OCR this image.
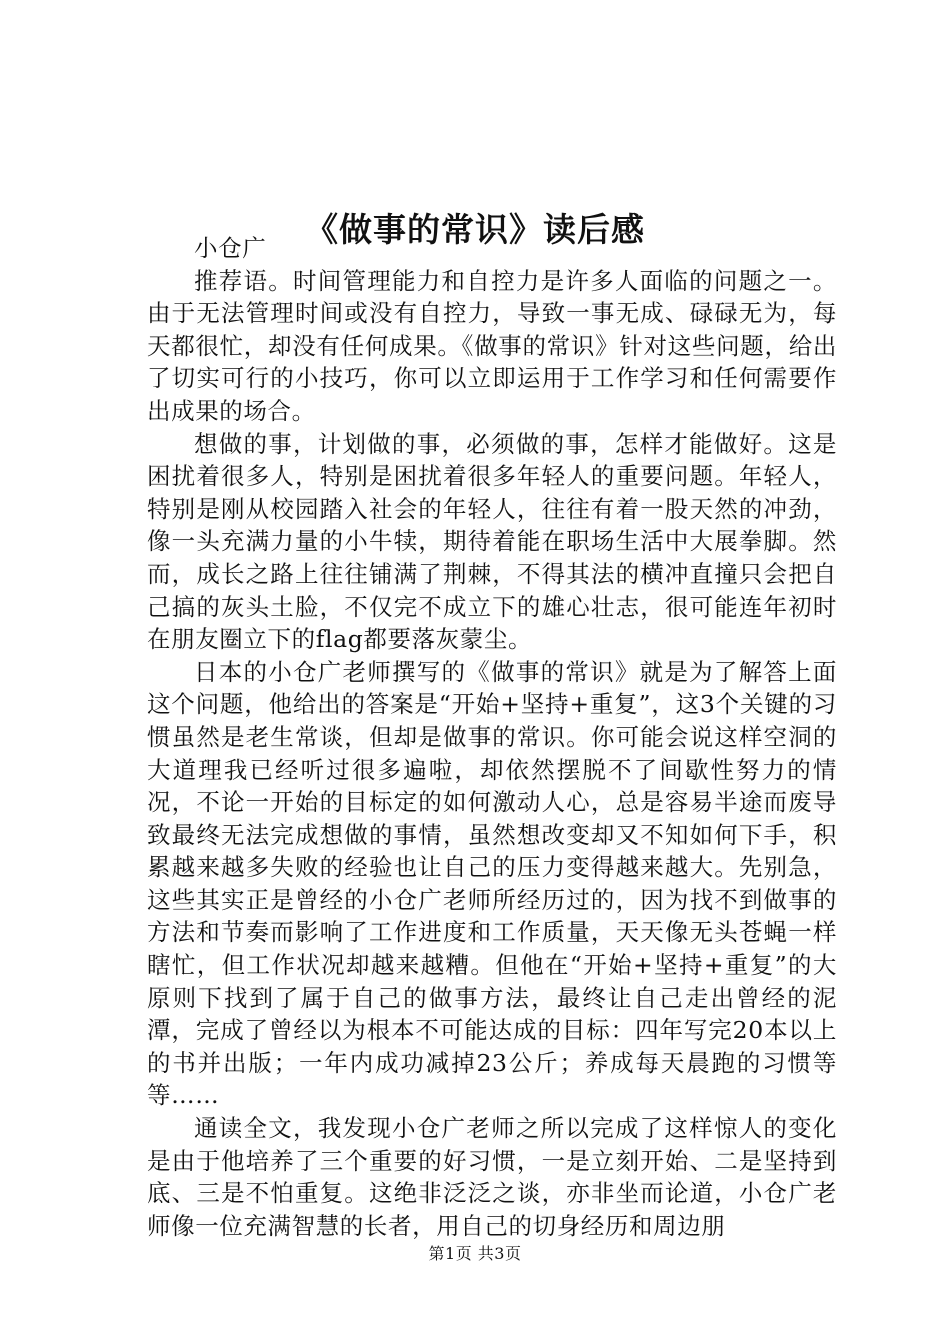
《做事的常识》读后感

小仓广

推荐语。时间管理能力和自控力是许多人面临的问题之一。由于无法管理时间或没有自控力，导致一事无成、碌碌无为，每天都很忙，却没有任何成果。《做事的常识》针对这些问题，给出了切实可行的小技巧，你可以立即运用于工作学习和任何需要作出成果的场合。

想做的事，计划做的事，必须做的事，怎样才能做好。这是困扰着很多人，特别是困扰着很多年轻人的重要问题。年轻人，特别是刚从校园踏入社会的年轻人，往往有着一股天然的冲劲，像一头充满力量的小牛犊，期待着能在职场生活中大展拳脚。然而，成长之路上往往铺满了荆棘，不得其法的横冲直撞只会把自己搞的灰头土脸，不仅完不成立下的雄心壮志，很可能连年初时在朋友圈立下的flag都要落灰蒙尘。

日本的小仓广老师撰写的《做事的常识》就是为了解答上面这个问题，他给出的答案是“开始+坚持+重复”，这3个关键的习惯虽然是老生常谈，但却是做事的常识。你可能会说这样空洞的大道理我已经听过很多遍啦，却依然摆脱不了间歇性努力的情况，不论一开始的目标定的如何激动人心，总是容易半途而废导致最终无法完成想做的事情，虽然想改变却又不知如何下手，积累越来越多失败的经验也让自己的压力变得越来越大。先别急，这些其实正是曾经的小仓广老师所经历过的，因为找不到做事的方法和节奏而影响了工作进度和工作质量，天天像无头苍蝇一样瞎忙，但工作状况却越来越糟。但他在“开始+坚持+重复”的大原则下找到了属于自己的做事方法，最终让自己走出曾经的泥潭，完成了曾经以为根本不可能达成的目标：四年写完20本以上的书并出版；一年内成功减掉23公斤；养成每天晨跑的习惯等等……

通读全文，我发现小仓广老师之所以完成了这样惊人的变化是由于他培养了三个重要的好习惯，一是立刻开始、二是坚持到底、三是不怕重复。这绝非泛泛之谈，亦非坐而论道，小仓广老师像一位充满智慧的长者，用自己的切身经历和周边朋

第1页 共3页
